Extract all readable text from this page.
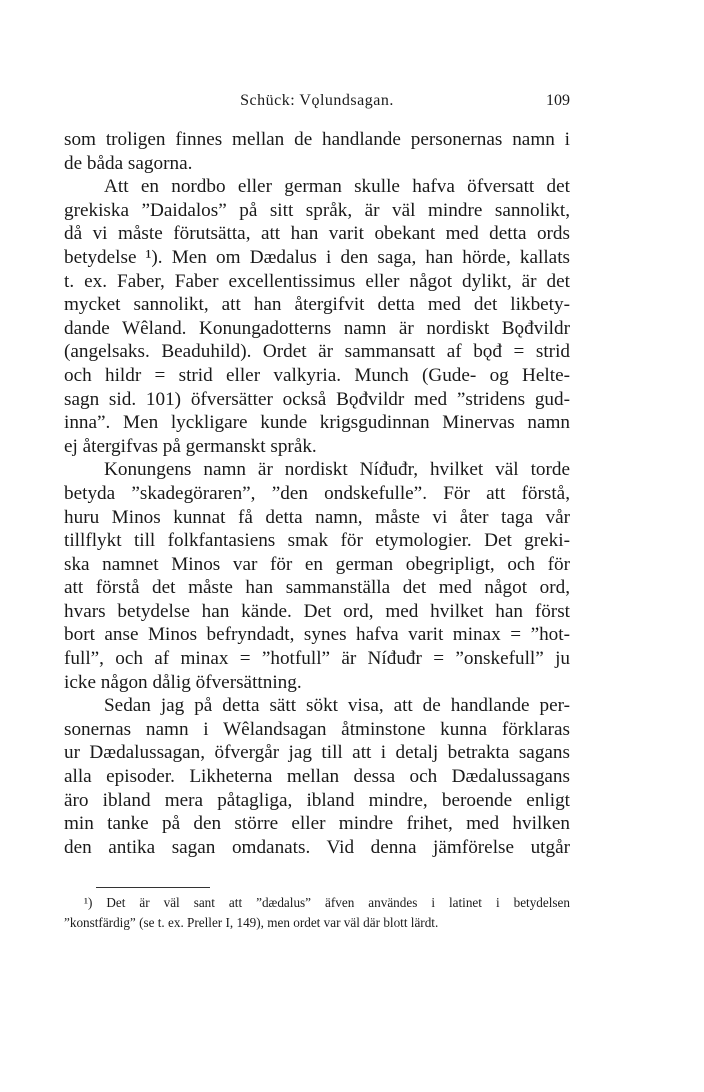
Schück: Vǫlundsagan.	109
som troligen finnes mellan de handlande personernas namn i
de båda sagorna.
Att en nordbo eller german skulle hafva öfversatt det
grekiska ”Daidalos” på sitt språk, är väl mindre sannolikt,
då vi måste förutsätta, att han varit obekant med detta ords
betydelse ¹). Men om Dædalus i den saga, han hörde, kallats
t. ex. Faber, Faber excellentissimus eller något dylikt, är det
mycket sannolikt, att han återgifvit detta med det likbety-
dande Wêland. Konungadotterns namn är nordiskt Bǫđvildr
(angelsaks. Beaduhild). Ordet är sammansatt af bǫđ = strid
och hildr = strid eller valkyria. Munch (Gude- og Helte-
sagn sid. 101) öfversätter också Bǫđvildr med ”stridens gud-
inna”. Men lyckligare kunde krigsgudinnan Minervas namn
ej återgifvas på germanskt språk.
Konungens namn är nordiskt Níđuđr, hvilket väl torde
betyda ”skadegöraren”, ”den ondskefulle”. För att förstå,
huru Minos kunnat få detta namn, måste vi åter taga vår
tillflykt till folkfantasiens smak för etymologier. Det greki-
ska namnet Minos var för en german obegripligt, och för
att förstå det måste han sammanställa det med något ord,
hvars betydelse han kände. Det ord, med hvilket han först
bort anse Minos befryndadt, synes hafva varit minax = ”hot-
full”, och af minax = ”hotfull” är Níđuđr = ”onskefull” ju
icke någon dålig öfversättning.
Sedan jag på detta sätt sökt visa, att de handlande per-
sonernas namn i Wêlandsagan åtminstone kunna förklaras
ur Dædalussagan, öfvergår jag till att i detalj betrakta sagans
alla episoder. Likheterna mellan dessa och Dædalussagans
äro ibland mera påtagliga, ibland mindre, beroende enligt
min tanke på den större eller mindre frihet, med hvilken
den antika sagan omdanats. Vid denna jämförelse utgår
¹) Det är väl sant att ”dædalus” äfven användes i latinet i betydelsen
”konstfärdig” (se t. ex. Preller I, 149), men ordet var väl där blott lärdt.
